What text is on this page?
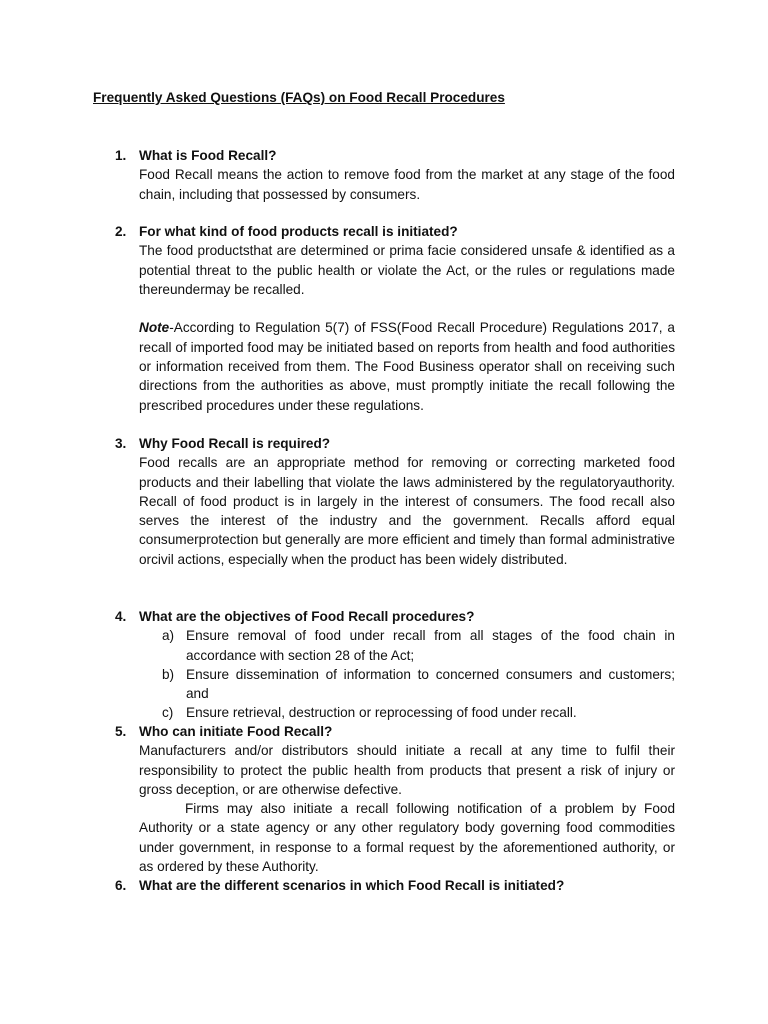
Frequently Asked Questions (FAQs) on Food Recall Procedures
1. What is Food Recall?

Food Recall means the action to remove food from the market at any stage of the food chain, including that possessed by consumers.

2. For what kind of food products recall is initiated?

The food productsthat are determined or prima facie considered unsafe & identified as a potential threat to the public health or violate the Act, or the rules or regulations made thereundermay be recalled.

Note-According to Regulation 5(7) of FSS(Food Recall Procedure) Regulations 2017, a recall of imported food may be initiated based on reports from health and food authorities or information received from them. The Food Business operator shall on receiving such directions from the authorities as above, must promptly initiate the recall following the prescribed procedures under these regulations.

3. Why Food Recall is required?

Food recalls are an appropriate method for removing or correcting marketed food products and their labelling that violate the laws administered by the regulatoryauthority. Recall of food product is in largely in the interest of consumers. The food recall also serves the interest of the industry and the government. Recalls afford equal consumerprotection but generally are more efficient and timely than formal administrative orcivil actions, especially when the product has been widely distributed.

4. What are the objectives of Food Recall procedures?
a) Ensure removal of food under recall from all stages of the food chain in accordance with section 28 of the Act;
b) Ensure dissemination of information to concerned consumers and customers; and
c) Ensure retrieval, destruction or reprocessing of food under recall.
5. Who can initiate Food Recall?

Manufacturers and/or distributors should initiate a recall at any time to fulfil their responsibility to protect the public health from products that present a risk of injury or gross deception, or are otherwise defective.

Firms may also initiate a recall following notification of a problem by Food Authority or a state agency or any other regulatory body governing food commodities under government, in response to a formal request by the aforementioned authority, or as ordered by these Authority.

6. What are the different scenarios in which Food Recall is initiated?
